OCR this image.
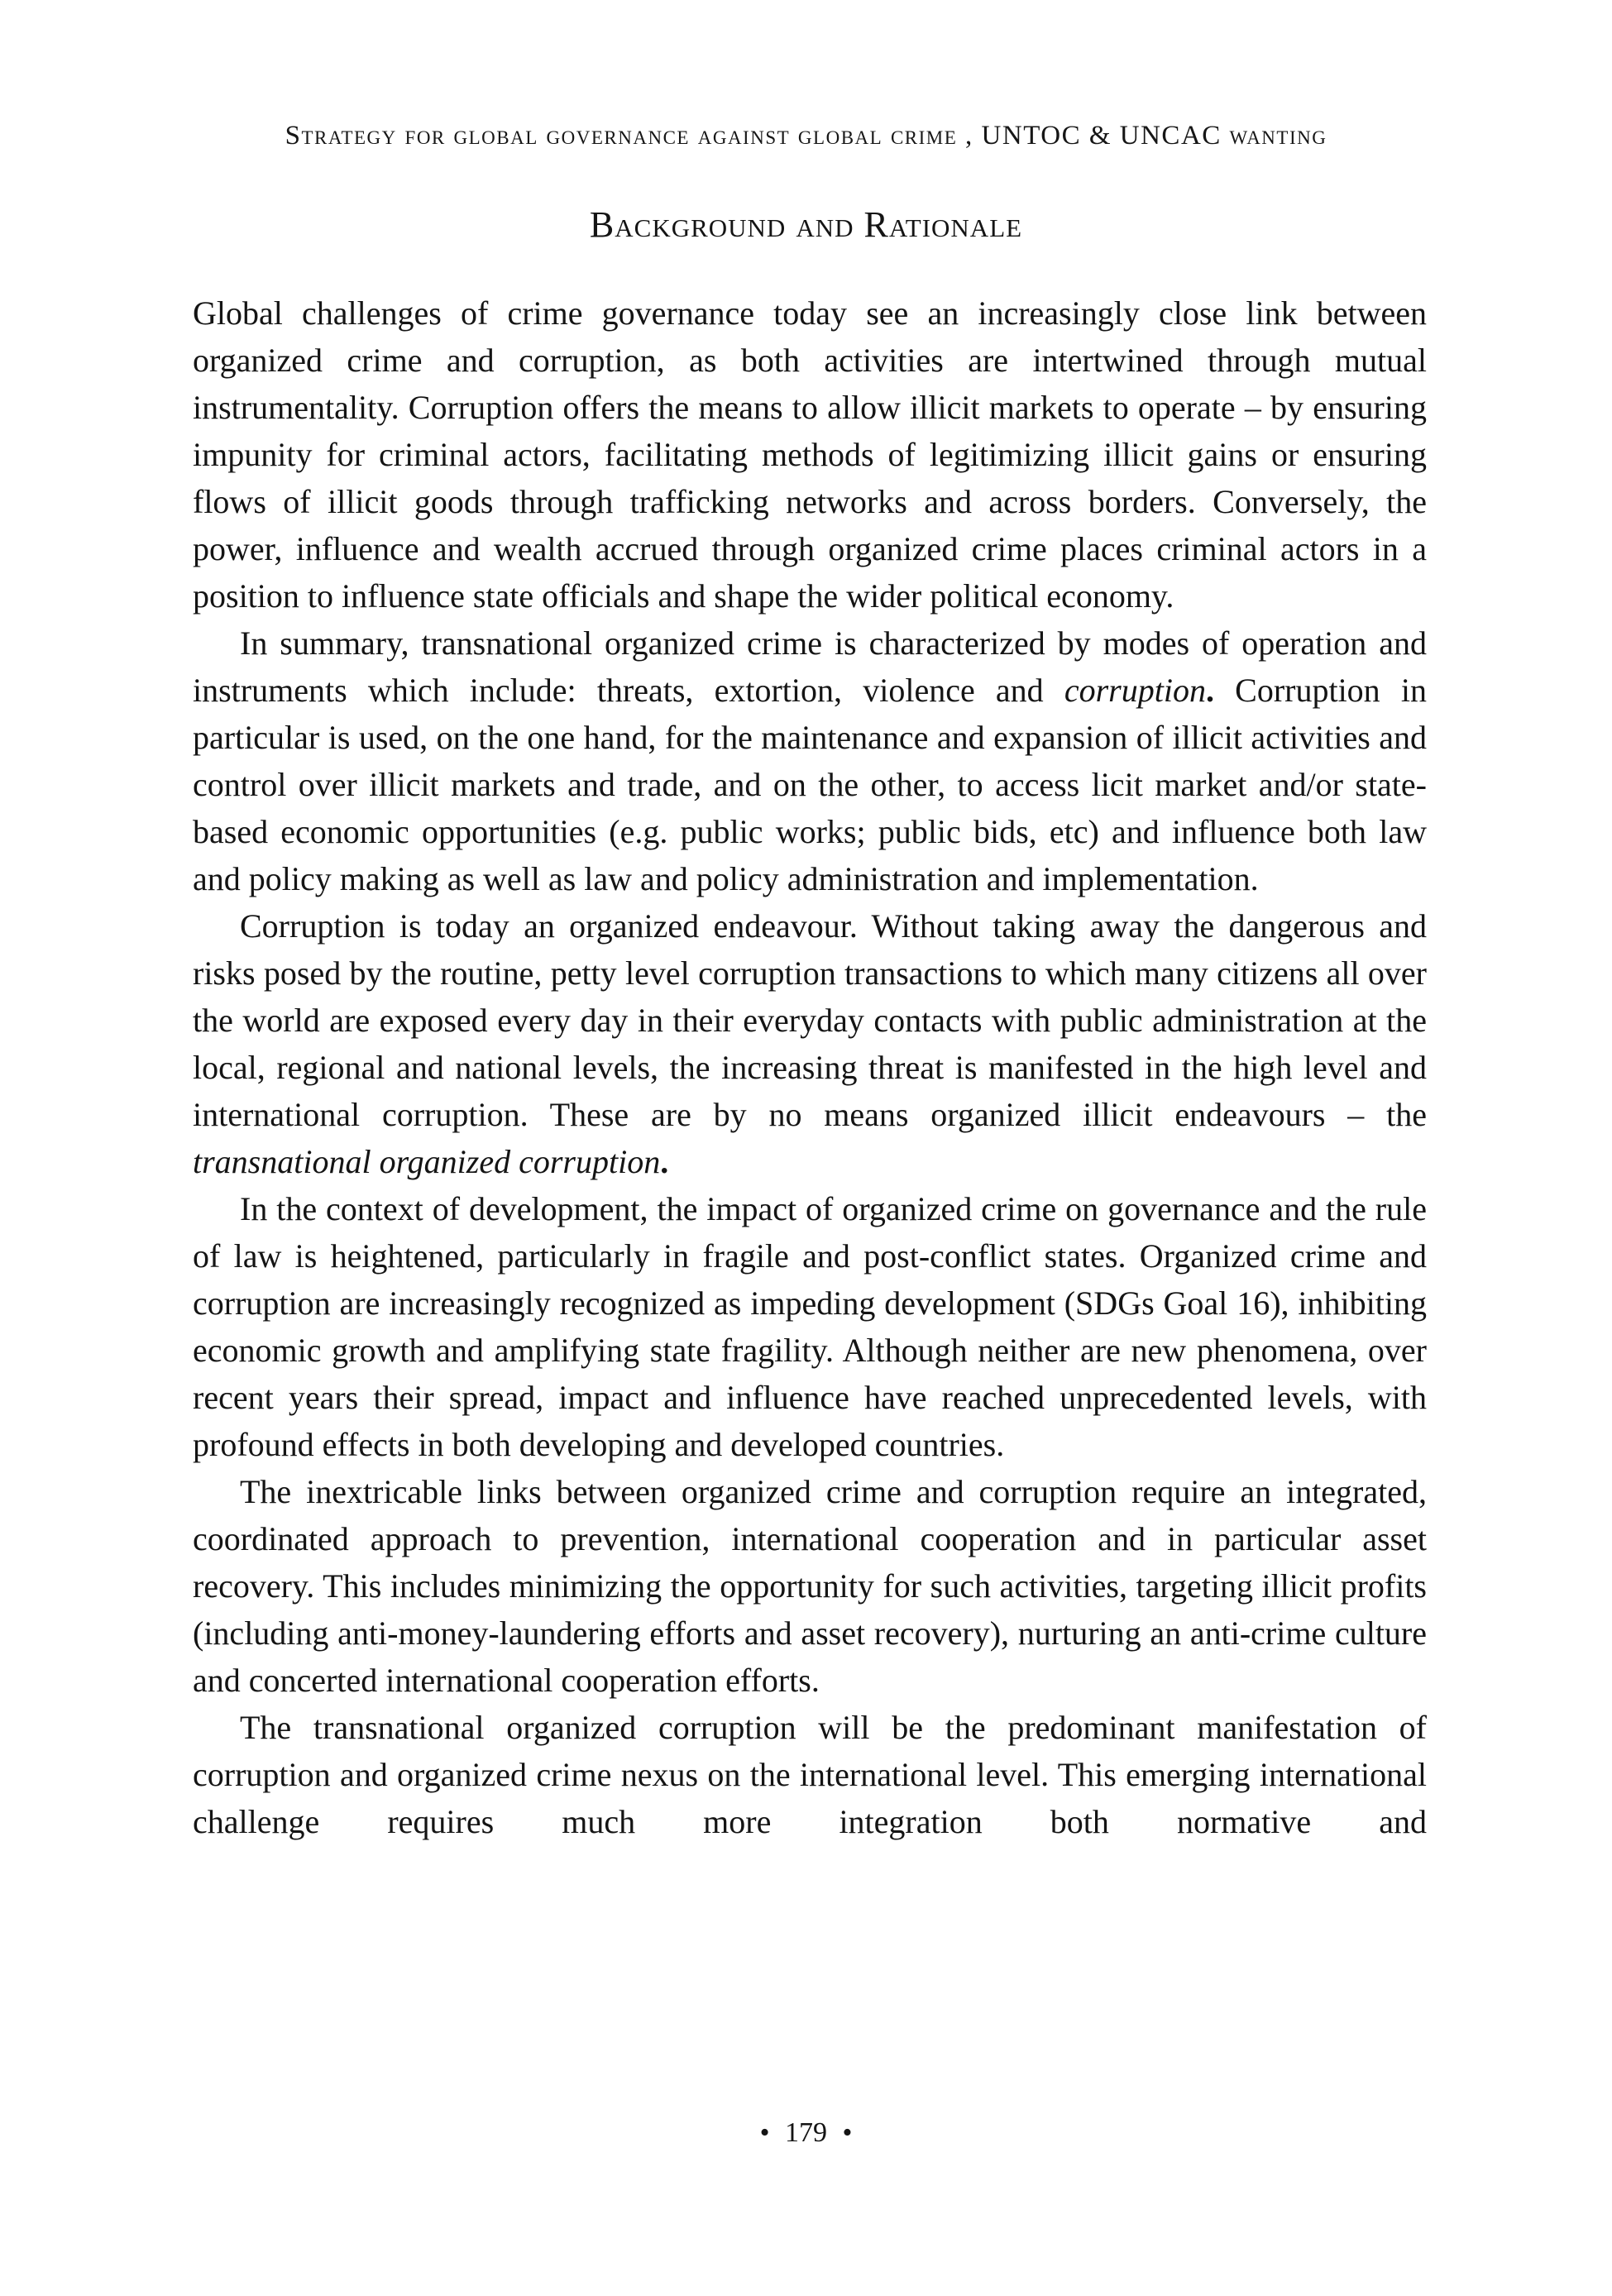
Strategy for global governance against global crime , UNTOC & UNCAC wanting
Background and Rationale

Global challenges of crime governance today see an increasingly close link between organized crime and corruption, as both activities are intertwined through mutual instrumentality. Corruption offers the means to allow illicit markets to operate – by ensuring impunity for criminal actors, facilitating methods of legitimizing illicit gains or ensuring flows of illicit goods through trafficking networks and across borders. Conversely, the power, influence and wealth accrued through organized crime places criminal actors in a position to influence state officials and shape the wider political economy.

In summary, transnational organized crime is characterized by modes of operation and instruments which include: threats, extortion, violence and corruption. Corruption in particular is used, on the one hand, for the maintenance and expansion of illicit activities and control over illicit markets and trade, and on the other, to access licit market and/or state-based economic opportunities (e.g. public works; public bids, etc) and influence both law and policy making as well as law and policy administration and implementation.

Corruption is today an organized endeavour. Without taking away the dangerous and risks posed by the routine, petty level corruption transactions to which many citizens all over the world are exposed every day in their everyday contacts with public administration at the local, regional and national levels, the increasing threat is manifested in the high level and international corruption. These are by no means organized illicit endeavours – the transnational organized corruption.

In the context of development, the impact of organized crime on governance and the rule of law is heightened, particularly in fragile and post-conflict states. Organized crime and corruption are increasingly recognized as impeding development (SDGs Goal 16), inhibiting economic growth and amplifying state fragility. Although neither are new phenomena, over recent years their spread, impact and influence have reached unprecedented levels, with profound effects in both developing and developed countries.

The inextricable links between organized crime and corruption require an integrated, coordinated approach to prevention, international cooperation and in particular asset recovery. This includes minimizing the opportunity for such activities, targeting illicit profits (including anti-money-laundering efforts and asset recovery), nurturing an anti-crime culture and concerted international cooperation efforts.

The transnational organized corruption will be the predominant manifestation of corruption and organized crime nexus on the international level. This emerging international challenge requires much more integration both normative and

• 179 •
